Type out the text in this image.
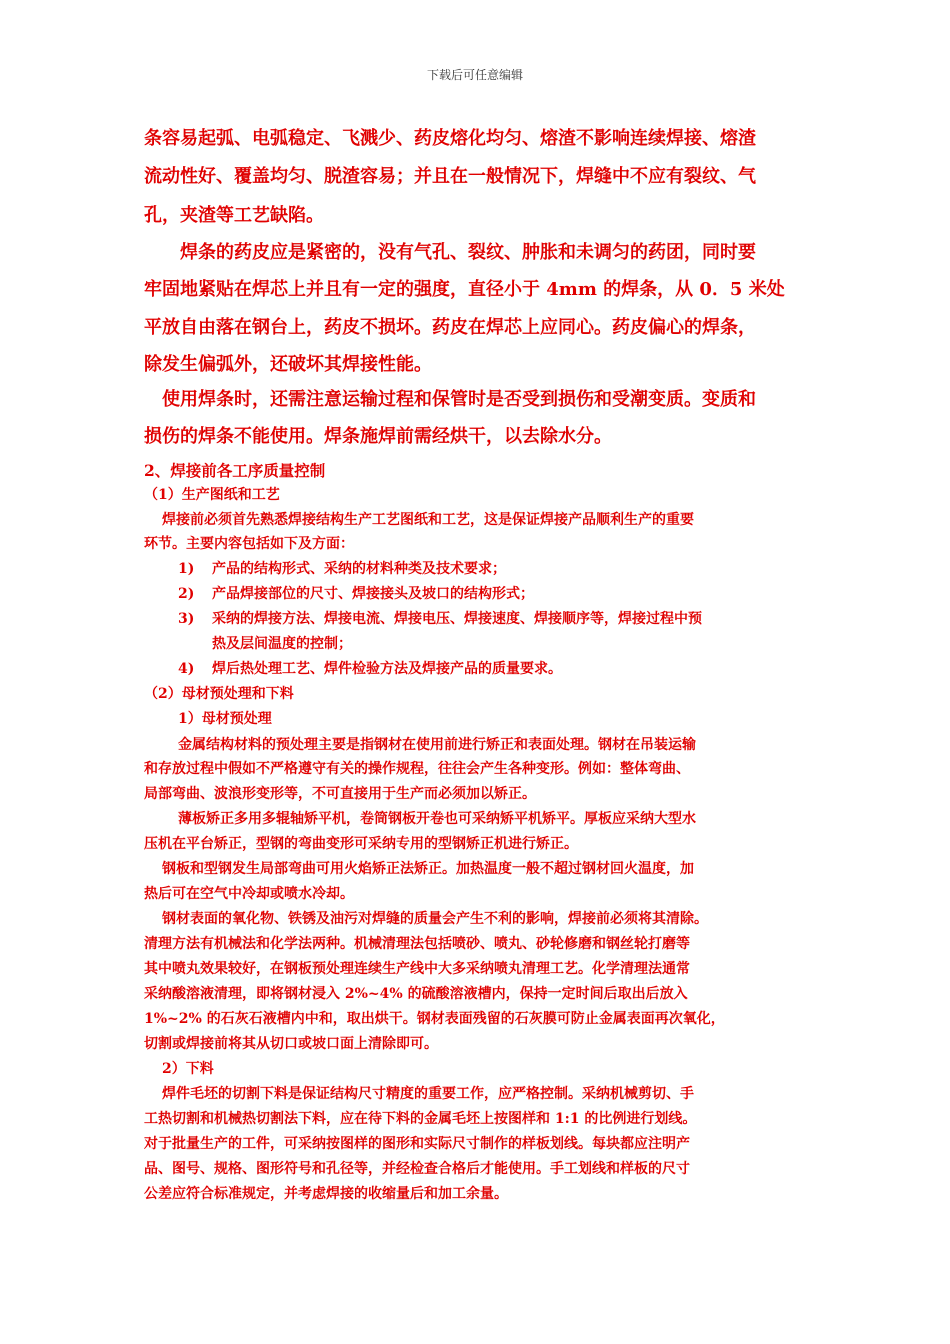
下载后可任意编辑

条容易起弧、电弧稳定、飞溅少、药皮熔化均匀、熔渣不影响连续焊接、熔渣

流动性好、覆盖均匀、脱渣容易；并且在一般情况下，焊缝中不应有裂纹、气

孔，夹渣等工艺缺陷。

焊条的药皮应是紧密的，没有气孔、裂纹、肿胀和未调匀的药团，同时要

牢固地紧贴在焊芯上并且有一定的强度，直径小于 4mm 的焊条，从 0．5 米处

平放自由落在钢台上，药皮不损坏。药皮在焊芯上应同心。药皮偏心的焊条，

除发生偏弧外，还破坏其焊接性能。

使用焊条时，还需注意运输过程和保管时是否受到损伤和受潮变质。变质和

损伤的焊条不能使用。焊条施焊前需经烘干，以去除水分。

2、焊接前各工序质量控制

（1）生产图纸和工艺

焊接前必须首先熟悉焊接结构生产工艺图纸和工艺，这是保证焊接产品顺利生产的重要

环节。主要内容包括如下及方面：

1) 产品的结构形式、采纳的材料种类及技术要求；

2) 产品焊接部位的尺寸、焊接接头及坡口的结构形式；

3) 采纳的焊接方法、焊接电流、焊接电压、焊接速度、焊接顺序等，焊接过程中预

热及层间温度的控制；

4) 焊后热处理工艺、焊件检验方法及焊接产品的质量要求。

（2）母材预处理和下料

1）母材预处理

金属结构材料的预处理主要是指钢材在使用前进行矫正和表面处理。钢材在吊装运输

和存放过程中假如不严格遵守有关的操作规程，往往会产生各种变形。例如：整体弯曲、

局部弯曲、波浪形变形等，不可直接用于生产而必须加以矫正。

薄板矫正多用多辊轴矫平机，卷筒钢板开卷也可采纳矫平机矫平。厚板应采纳大型水

压机在平台矫正，型钢的弯曲变形可采纳专用的型钢矫正机进行矫正。

钢板和型钢发生局部弯曲可用火焰矫正法矫正。加热温度一般不超过钢材回火温度，加

热后可在空气中冷却或喷水冷却。

钢材表面的氧化物、铁锈及油污对焊缝的质量会产生不利的影响，焊接前必须将其清除。

清理方法有机械法和化学法两种。机械清理法包括喷砂、喷丸、砂轮修磨和钢丝轮打磨等

其中喷丸效果较好，在钢板预处理连续生产线中大多采纳喷丸清理工艺。化学清理法通常

采纳酸溶液清理，即将钢材浸入 2%~4% 的硫酸溶液槽内，保持一定时间后取出后放入

1%~2% 的石灰石液槽内中和，取出烘干。钢材表面残留的石灰膜可防止金属表面再次氧化，

切割或焊接前将其从切口或坡口面上清除即可。

2）下料

焊件毛坯的切割下料是保证结构尺寸精度的重要工作，应严格控制。采纳机械剪切、手

工热切割和机械热切割法下料，应在待下料的金属毛坯上按图样和 1:1 的比例进行划线。

对于批量生产的工件，可采纳按图样的图形和实际尺寸制作的样板划线。每块都应注明产

品、图号、规格、图形符号和孔径等，并经检查合格后才能使用。手工划线和样板的尺寸

公差应符合标准规定，并考虑焊接的收缩量后和加工余量。
